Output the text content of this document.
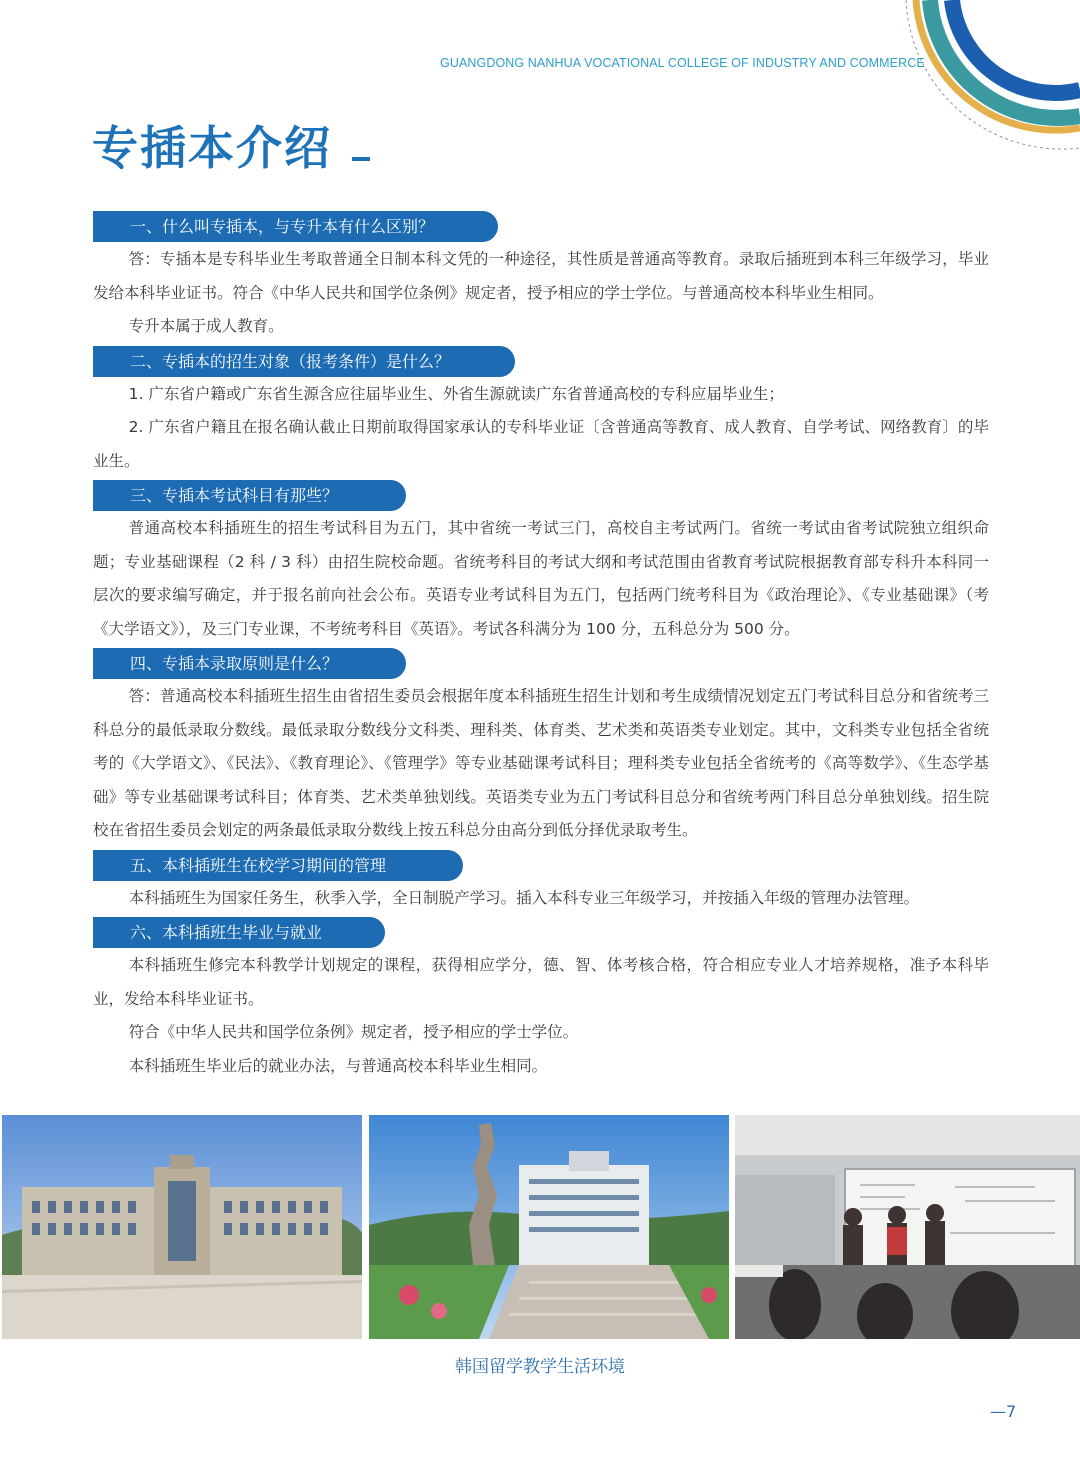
GUANGDONG NANHUA VOCATIONAL COLLEGE OF INDUSTRY AND COMMERCE
专插本介绍
一、什么叫专插本，与专升本有什么区别？

答：专插本是专科毕业生考取普通全日制本科文凭的一种途径，其性质是普通高等教育。录取后插班到本科三年级学习，毕业发给本科毕业证书。符合《中华人民共和国学位条例》规定者，授予相应的学士学位。与普通高校本科毕业生相同。

专升本属于成人教育。

二、专插本的招生对象（报考条件）是什么？

1. 广东省户籍或广东省生源含应往届毕业生、外省生源就读广东省普通高校的专科应届毕业生；

2. 广东省户籍且在报名确认截止日期前取得国家承认的专科毕业证〔含普通高等教育、成人教育、自学考试、网络教育〕的毕业生。

三、专插本考试科目有那些？

普通高校本科插班生的招生考试科目为五门，其中省统一考试三门，高校自主考试两门。省统一考试由省考试院独立组织命题；专业基础课程（2 科 / 3 科）由招生院校命题。省统考科目的考试大纲和考试范围由省教育考试院根据教育部专科升本科同一层次的要求编写确定，并于报名前向社会公布。英语专业考试科目为五门，包括两门统考科目为《政治理论》、《专业基础课》（考《大学语文》），及三门专业课，不考统考科目《英语》。考试各科满分为 100 分，五科总分为 500 分。

四、专插本录取原则是什么？

答：普通高校本科插班生招生由省招生委员会根据年度本科插班生招生计划和考生成绩情况划定五门考试科目总分和省统考三科总分的最低录取分数线。最低录取分数线分文科类、理科类、体育类、艺术类和英语类专业划定。其中，文科类专业包括全省统考的《大学语文》、《民法》、《教育理论》、《管理学》等专业基础课考试科目；理科类专业包括全省统考的《高等数学》、《生态学基础》等专业基础课考试科目；体育类、艺术类单独划线。英语类专业为五门考试科目总分和省统考两门科目总分单独划线。招生院校在省招生委员会划定的两条最低录取分数线上按五科总分由高分到低分择优录取考生。

五、本科插班生在校学习期间的管理

本科插班生为国家任务生，秋季入学，全日制脱产学习。插入本科专业三年级学习，并按插入年级的管理办法管理。

六、本科插班生毕业与就业

本科插班生修完本科教学计划规定的课程，获得相应学分，德、智、体考核合格，符合相应专业人才培养规格，准予本科毕业，发给本科毕业证书。

符合《中华人民共和国学位条例》规定者，授予相应的学士学位。

本科插班生毕业后的就业办法，与普通高校本科毕业生相同。

韩国留学教学生活环境
—7
